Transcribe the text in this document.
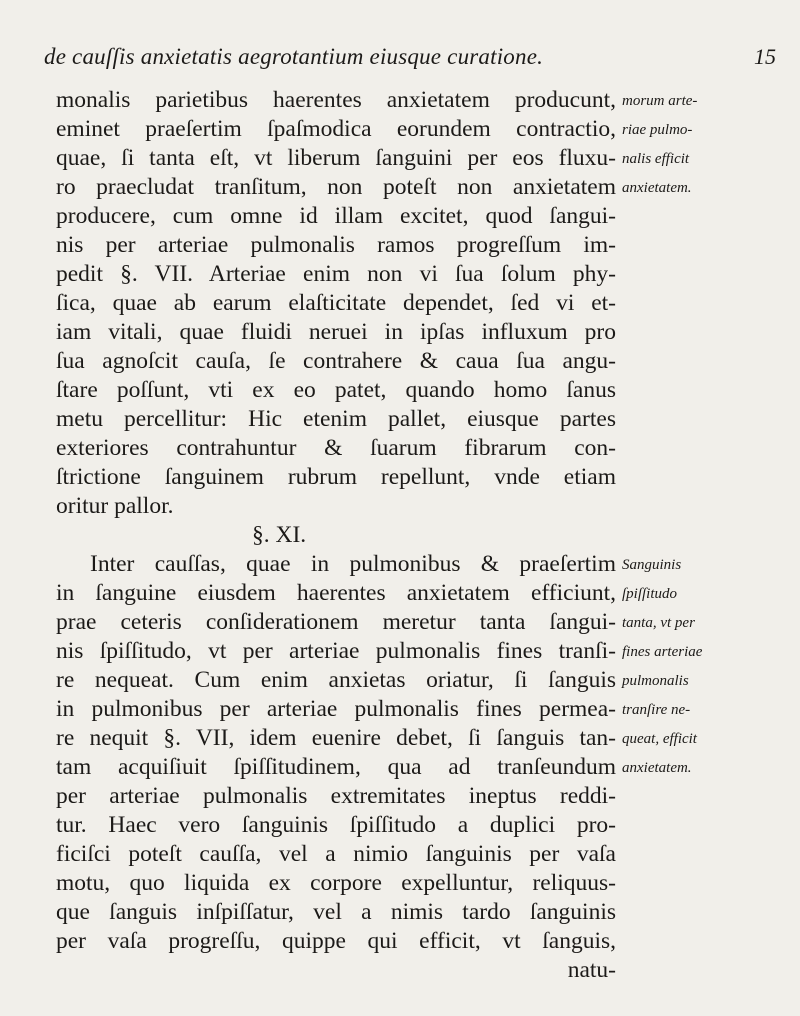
de cauſſis anxietatis aegrotantium eiusque curatione.	15
monalis parietibus haerentes anxietatem producunt,
eminet praeſertim ſpaſmodica eorundem contractio,
quae, ſi tanta eſt, vt liberum ſanguini per eos fluxu-
ro praecludat tranſitum, non poteſt non anxietatem
producere, cum omne id illam excitet, quod ſangui-
nis per arteriae pulmonalis ramos progreſſum im-
pedit §. VII. Arteriae enim non vi ſua ſolum phy-
ſica, quae ab earum elaſticitate dependet, ſed vi et-
iam vitali, quae fluidi neruei in ipſas influxum pro
ſua agnoſcit cauſa, ſe contrahere & caua ſua angu-
ſtare poſſunt, vti ex eo patet, quando homo ſanus
metu percellitur: Hic etenim pallet, eiusque partes
exteriores contrahuntur & ſuarum fibrarum con-
ſtrictione ſanguinem rubrum repellunt, vnde etiam
oritur pallor.
§. XI.
Inter cauſſas, quae in pulmonibus & praeſertim
in ſanguine eiusdem haerentes anxietatem efficiunt,
prae ceteris conſiderationem meretur tanta ſangui-
nis ſpiſſitudo, vt per arteriae pulmonalis fines tranſi-
re nequeat. Cum enim anxietas oriatur, ſi ſanguis
in pulmonibus per arteriae pulmonalis fines permea-
re nequit §. VII, idem euenire debet, ſi ſanguis tan-
tam acquiſiuit ſpiſſitudinem, qua ad tranſeundum
per arteriae pulmonalis extremitates ineptus reddi-
tur. Haec vero ſanguinis ſpiſſitudo a duplici pro-
ficiſci poteſt cauſſa, vel a nimio ſanguinis per vaſa
motu, quo liquida ex corpore expelluntur, reliquus-
que ſanguis inſpiſſatur, vel a nimis tardo ſanguinis
per vaſa progreſſu, quippe qui efficit, vt ſanguis,
natu-
morum arte-
riae pulmo-
nalis efficit
anxietatem.
Sanguinis
ſpiſſitudo
tanta, vt per
fines arteriae
pulmonalis
tranſire ne-
queat, efficit
anxietatem.
